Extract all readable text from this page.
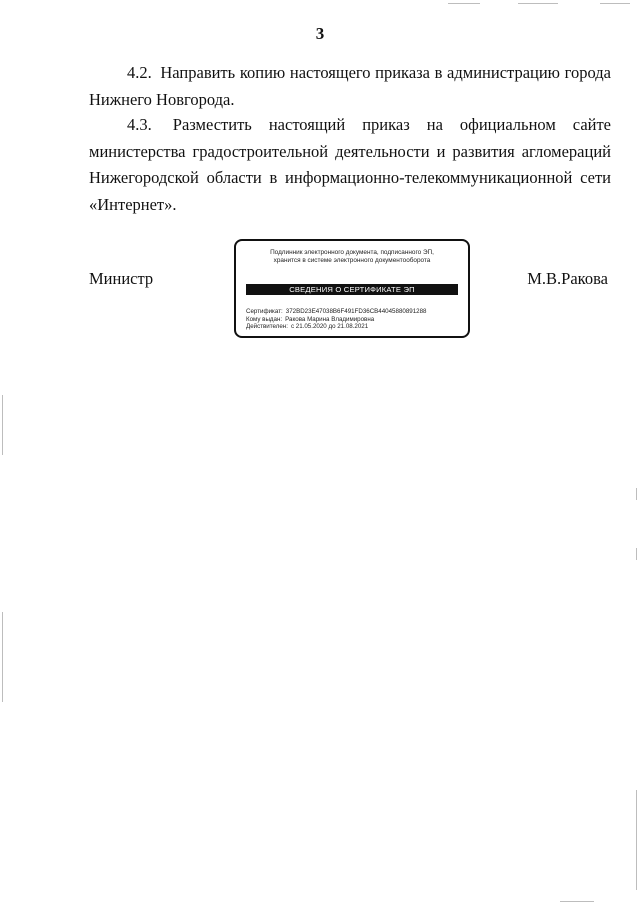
3

4.2. Направить копию настоящего приказа в администрацию города Нижнего Новгорода.

4.3. Разместить настоящий приказ на официальном сайте министерства градостроительной деятельности и развития агломераций Нижегородской области в информационно-телекоммуникационной сети «Интернет».

Министр
Подлинник электронного документа, подписанного ЭП,
хранится в системе электронного документооборота
СВЕДЕНИЯ О СЕРТИФИКАТЕ ЭП
Сертификат: 372BD23E47038B6F491FD36CB44045880891288
Кому выдан: Ракова Марина Владимировна
Действителен: с 21.05.2020 до 21.08.2021
М.В.Ракова
